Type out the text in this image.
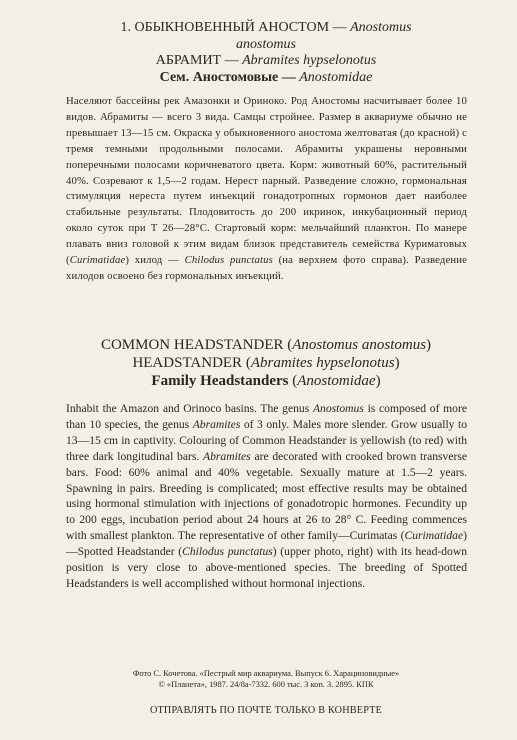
1. ОБЫКНОВЕННЫЙ АНОСТОМ — Anostomus
anostomus
АБРАМИТ — Abramites hypselonotus
Сем. Аностомовые — Anostomidae
Населяют бассейны рек Амазонки и Ориноко. Род Аностомы насчитывает более 10 видов. Абрамиты — всего 3 вида. Самцы стройнее. Размер в аквариуме обычно не превышает 13—15 см. Окраска у обыкновенного аностома желтоватая (до красной) с тремя темными продольными полосами. Абрамиты украшены неровными поперечными полосами коричневатого цвета. Корм: животный 60%, растительный 40%. Созревают к 1,5—2 годам. Нерест парный. Разведение сложно, гормональная стимуляция нереста путем инъекций гонадотропных гормонов дает наиболее стабильные результаты. Плодовитость до 200 икринок, инкубационный период около суток при Т 26—28°С. Стартовый корм: мельчайший планктон. По манере плавать вниз головой к этим видам близок представитель семейства Куриматовых (Curimatidae) хилод — Chilodus punctatus (на верхнем фото справа). Разведение хилодов освоено без гормональных инъекций.
COMMON HEADSTANDER (Anostomus anostomus)
HEADSTANDER (Abramites hypselonotus)
Family Headstanders (Anostomidae)
Inhabit the Amazon and Orinoco basins. The genus Anostomus is composed of more than 10 species, the genus Abramites of 3 only. Males more slender. Grow usually to 13—15 cm in captivity. Colouring of Common Headstander is yellowish (to red) with three dark longitudinal bars. Abramites are decorated with crooked brown transverse bars. Food: 60% animal and 40% vegetable. Sexually mature at 1.5—2 years. Spawning in pairs. Breeding is complicated; most effective results may be obtained using hormonal stimulation with injections of gonadotropic hormones. Fecundity up to 200 eggs, incubation period about 24 hours at 26 to 28° C. Feeding commences with smallest plankton. The representative of other family—Curimatas (Curimatidae)—Spotted Headstander (Chilodus punctatus) (upper photo, right) with its head-down position is very close to above-mentioned species. The breeding of Spotted Headstanders is well accomplished without hormonal injections.
Фото С. Кочетова. «Пестрый мир аквариума. Выпуск 6. Харациновидные»
© «Планета», 1987. 24/8а-7332. 600 тыс. 3 коп. 3. 2895. КПК
ОТПРАВЛЯТЬ ПО ПОЧТЕ ТОЛЬКО В КОНВЕРТЕ
